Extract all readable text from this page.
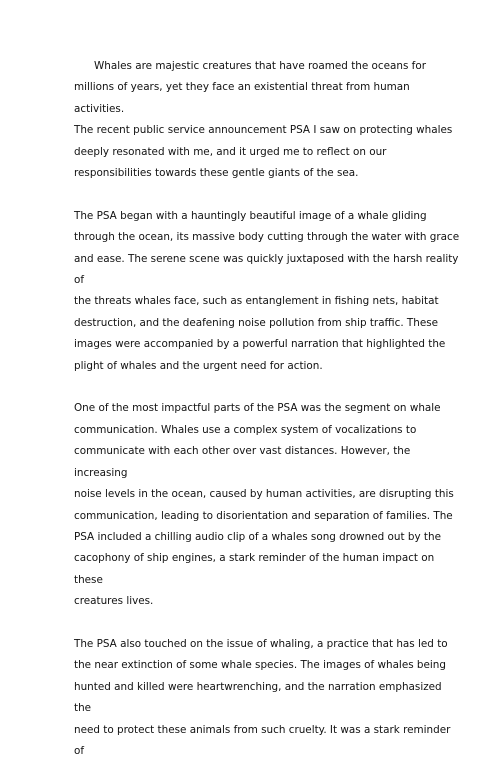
Whales are majestic creatures that have roamed the oceans for
millions of years, yet they face an existential threat from human activities.
The recent public service announcement PSA I saw on protecting whales
deeply resonated with me, and it urged me to reflect on our
responsibilities towards these gentle giants of the sea.

The PSA began with a hauntingly beautiful image of a whale gliding
through the ocean, its massive body cutting through the water with grace
and ease. The serene scene was quickly juxtaposed with the harsh reality of
the threats whales face, such as entanglement in fishing nets, habitat
destruction, and the deafening noise pollution from ship traffic. These
images were accompanied by a powerful narration that highlighted the
plight of whales and the urgent need for action.

One of the most impactful parts of the PSA was the segment on whale
communication. Whales use a complex system of vocalizations to
communicate with each other over vast distances. However, the increasing
noise levels in the ocean, caused by human activities, are disrupting this
communication, leading to disorientation and separation of families. The
PSA included a chilling audio clip of a whales song drowned out by the
cacophony of ship engines, a stark reminder of the human impact on these
creatures lives.

The PSA also touched on the issue of whaling, a practice that has led to
the near extinction of some whale species. The images of whales being
hunted and killed were heartwrenching, and the narration emphasized the
need to protect these animals from such cruelty. It was a stark reminder of
